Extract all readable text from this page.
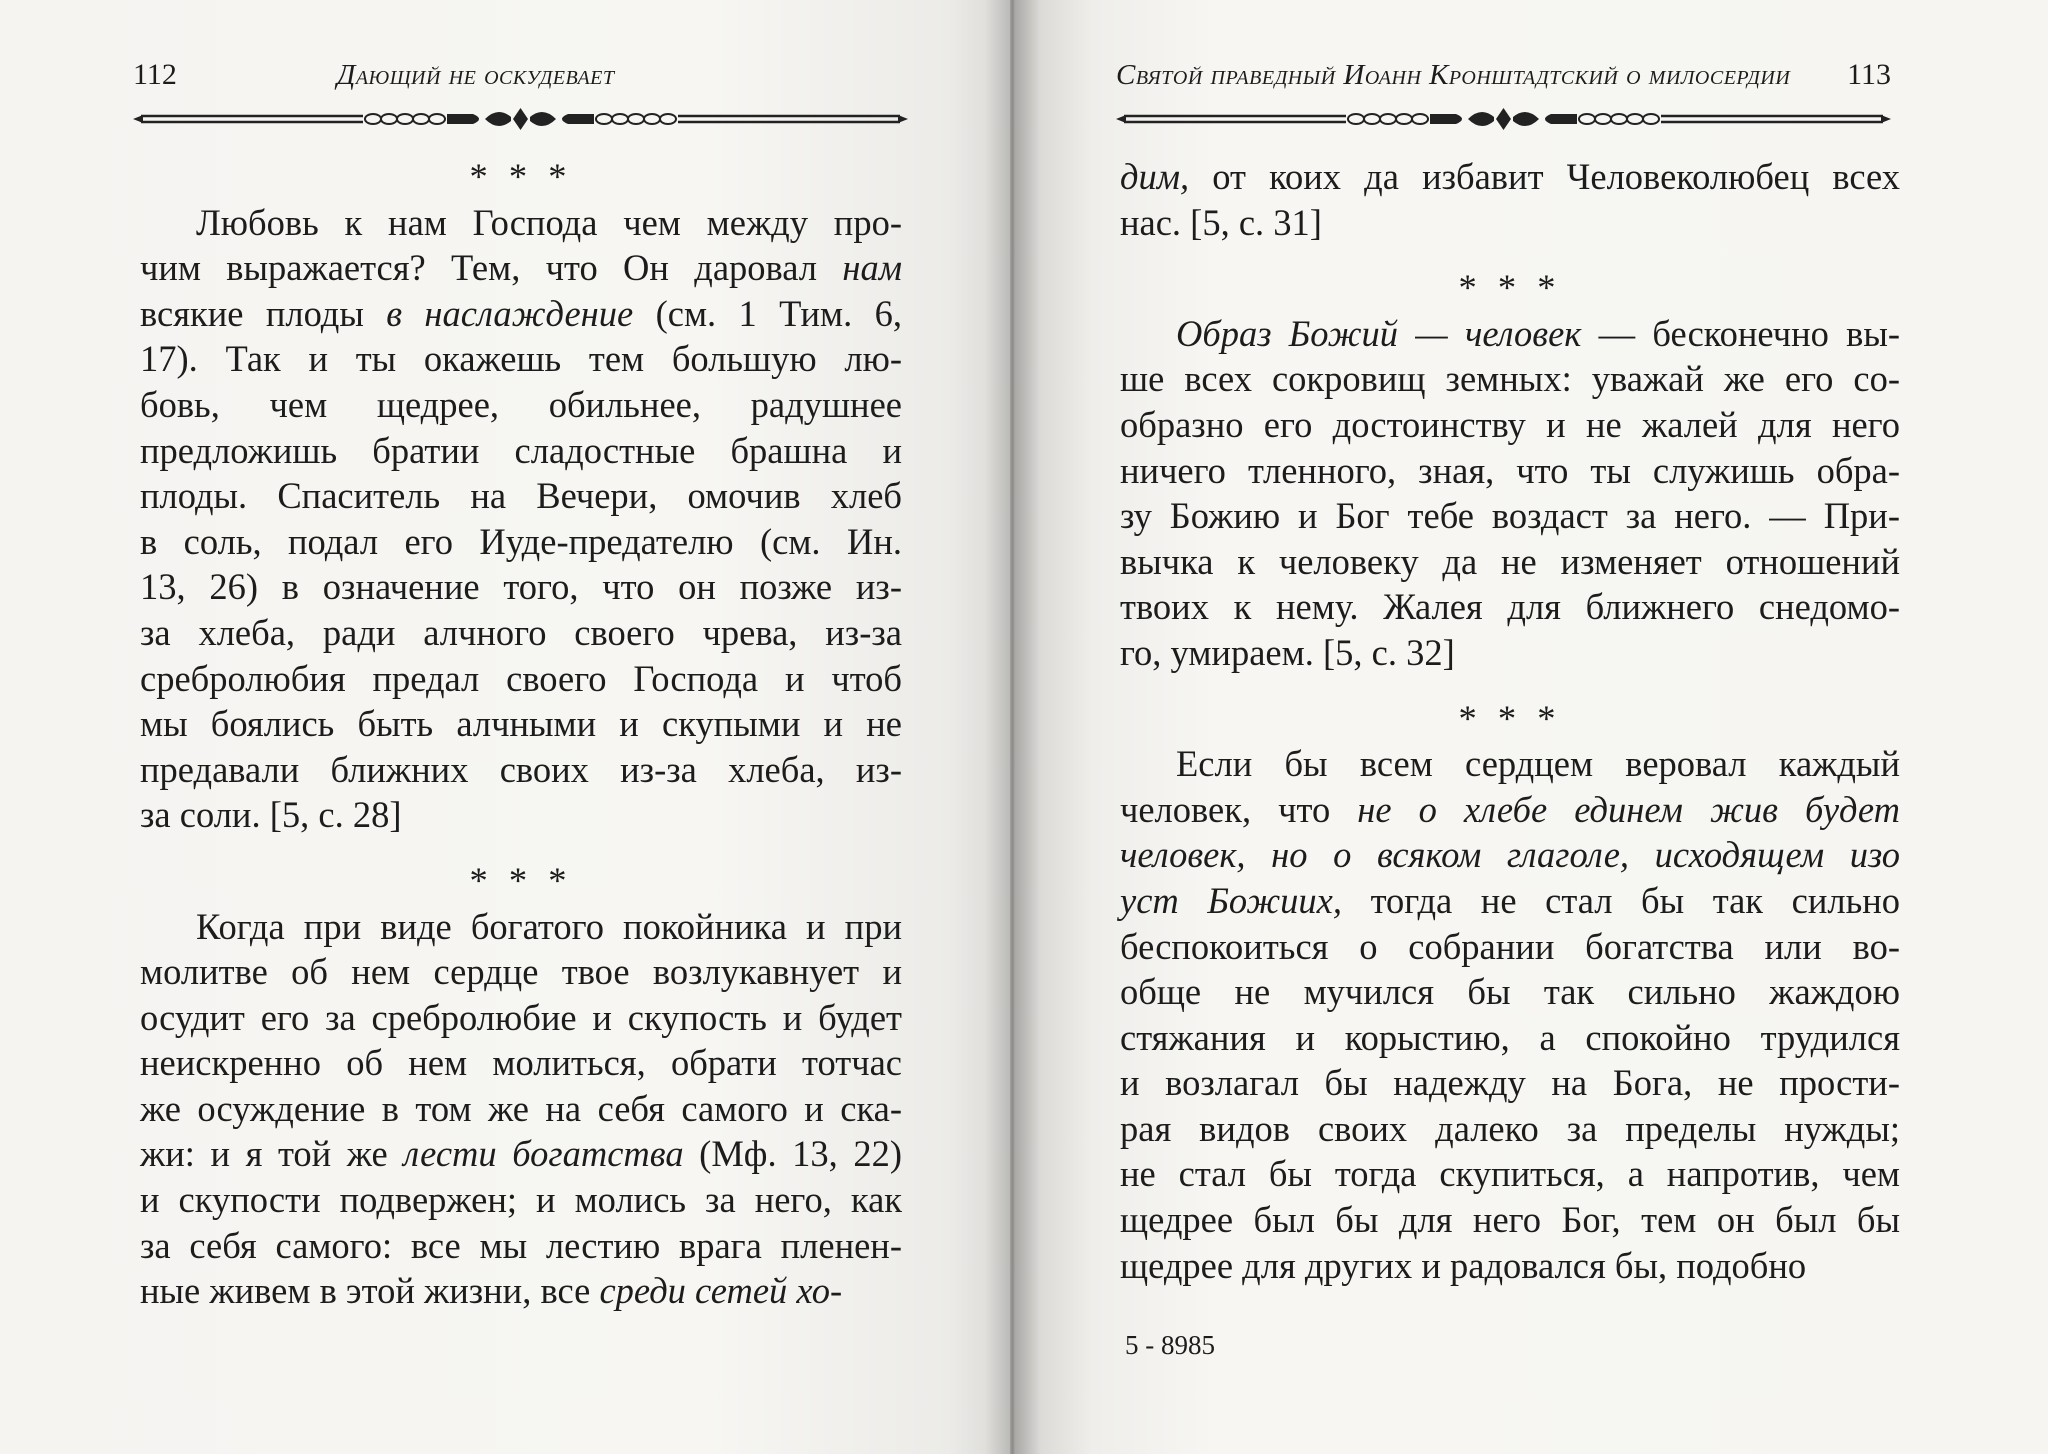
112	Дающий не оскудевает
* * *
Любовь к нам Господа чем между про-
чим выражается? Тем, что Он даровал нам
всякие плоды в наслаждение (см. 1 Тим. 6,
17). Так и ты окажешь тем большую лю-
бовь, чем щедрее, обильнее, радушнее
предложишь братии сладостные брашна и
плоды. Спаситель на Вечери, омочив хлеб
в соль, подал его Иуде-предателю (см. Ин.
13, 26) в означение того, что он позже из-
за хлеба, ради алчного своего чрева, из-за
сребролюбия предал своего Господа и чтоб
мы боялись быть алчными и скупыми и не
предавали ближних своих из-за хлеба, из-
за соли. [5, с. 28]
* * *
Когда при виде богатого покойника и при
молитве об нем сердце твое возлукавнует и
осудит его за сребролюбие и скупость и будет
неискренно об нем молиться, обрати тотчас
же осуждение в том же на себя самого и ска-
жи: и я той же лести богатства (Мф. 13, 22)
и скупости подвержен; и молись за него, как
за себя самого: все мы лестию врага пленен-
ные живем в этой жизни, все среди сетей хо-
Святой праведный Иоанн Кронштадтский о милосердии 113
дим, от коих да избавит Человеколюбец всех
нас. [5, с. 31]
* * *
Образ Божий — человек — бесконечно вы-
ше всех сокровищ земных: уважай же его со-
образно его достоинству и не жалей для него
ничего тленного, зная, что ты служишь обра-
зу Божию и Бог тебе воздаст за него. — При-
вычка к человеку да не изменяет отношений
твоих к нему. Жалея для ближнего снедомо-
го, умираем. [5, с. 32]
* * *
Если бы всем сердцем веровал каждый
человек, что не о хлебе единем жив будет
человек, но о всяком глаголе, исходящем изо
уст Божиих, тогда не стал бы так сильно
беспокоиться о собрании богатства или во-
обще не мучился бы так сильно жаждою
стяжания и корыстию, а спокойно трудился
и возлагал бы надежду на Бога, не прости-
рая видов своих далеко за пределы нужды;
не стал бы тогда скупиться, а напротив, чем
щедрее был бы для него Бог, тем он был бы
щедрее для других и радовался бы, подобно
5 - 8985
